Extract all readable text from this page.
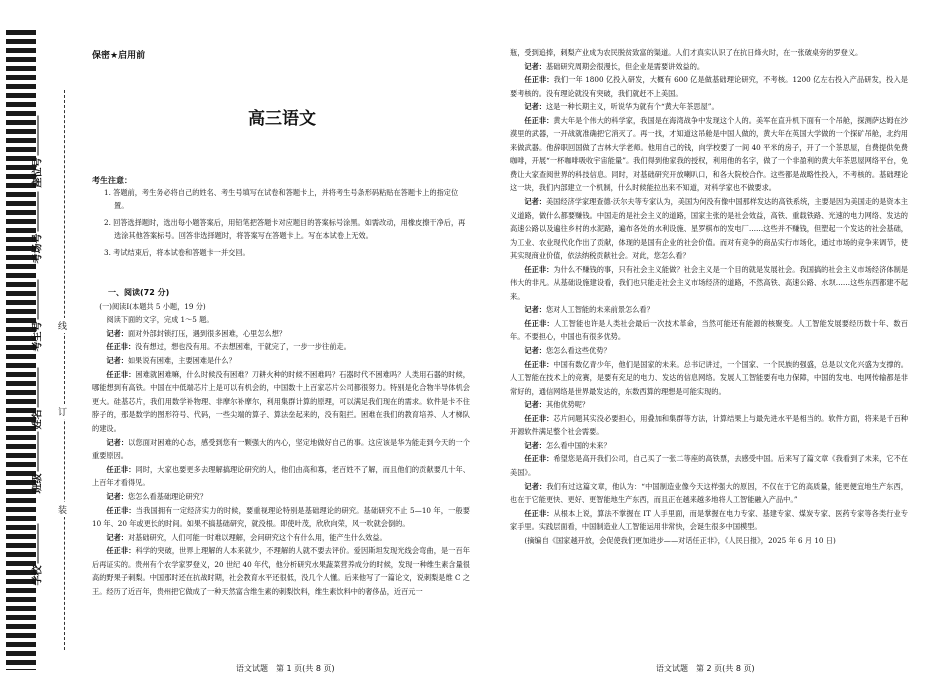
线
订
装
座位号
考场号
考生号
姓名
班级
学校
保密★启用前
高三语文
考生注意：
1. 答题前，考生务必将自己的姓名、考生号填写在试卷和答题卡上，并将考生号条形码粘贴在答题卡上的指定位置。
2. 回答选择题时，选出每小题答案后，用铅笔把答题卡对应题目的答案标号涂黑。如需改动，用橡皮擦干净后，再选涂其他答案标号。回答非选择题时，将答案写在答题卡上。写在本试卷上无效。
3. 考试结束后，将本试卷和答题卡一并交回。

一、阅读(72 分)

(一)阅读Ⅰ(本题共 5 小题，19 分)

阅读下面的文字，完成 1～5 题。

记者：面对外部封锁打压，遇到很多困难，心里怎么想？

任正非：没有想过，想也没有用。不去想困难，干就完了，一步一步往前走。

记者：如果说有困难，主要困难是什么？

任正非：困难就困难嘛，什么时候没有困难？刀耕火种的时候不困难吗？石器时代不困难吗？人类用石器的时候，哪能想到有高铁。中国在中低端芯片上是可以有机会的，中国数十上百家芯片公司都很努力。特别是化合物半导体机会更大。硅基芯片，我们用数学补物理、非摩尔补摩尔，利用集群计算的原理，可以满足我们现在的需求。软件是卡不住脖子的，那是数学的图形符号、代码，一些尖端的算子、算法垒起来的，没有阻拦。困难在我们的教育培养、人才梯队的建设。

记者：以您面对困难的心态，感受到您有一颗强大的内心，坚定地做好自己的事。这应该是华为能走到今天的一个重要原因。

任正非：同时，大家也要更多去理解搞理论研究的人，他们由高和寡，老百姓不了解，而且他们的贡献要几十年、上百年才看得见。

记者：您怎么看基础理论研究？

任正非：当我国拥有一定经济实力的时候，要重视理论特别是基础理论的研究。基础研究不止 5—10 年，一般要 10 年、20 年或更长的时间。如果不搞基础研究，就没根。即使叶茂，欣欣向荣，风一吹就会倒的。

记者：对基础研究，人们可能一时难以理解，会问研究这个有什么用，能产生什么效益。

任正非：科学的突破，世界上理解的人本来就少，不理解的人就不要去评价。爱因斯坦发现光线会弯曲，是一百年后再证实的。贵州有个农学家罗登义，20 世纪 40 年代，他分析研究水果蔬菜营养成分的时候，发现一种维生素含量很高的野果子刺梨。中国那时还在抗战时期，社会教育水平还很低，没几个人懂。后来他写了一篇论文，说刺梨是维 C 之王。经历了近百年，贵州把它做成了一种天然富含维生素的刺梨饮料，维生素饮料中的奢侈品，近百元一

语文试题　第 1 页(共 8 页)

瓶，受到追捧，刺梨产业成为农民脱贫致富的渠道。人们才真实认识了在抗日烽火时，在一张破桌旁的罗登义。

记者：基础研究周期会很漫长，但企业是需要讲效益的。

任正非：我们一年 1800 亿投入研发，大概有 600 亿是做基础理论研究，不考核。1200 亿左右投入产品研发，投入是要考核的。没有理论就没有突破，我们就赶不上美国。

记者：这是一种长期主义，听说华为就有个“黄大年茶思屋”。

任正非：黄大年是个伟大的科学家，我国是在海湾战争中发现这个人的。美军在直升机下面有一个吊舱，探测萨达姆在沙漠里的武器，一开战就准确把它消灭了。再一找，才知道这吊舱是中国人做的，黄大年在英国大学做的一个探矿吊舱，北约用来做武器。他辞职回国做了吉林大学老师。他用自己的钱，向学校要了一间 40 平米的房子，开了一个茶思屋，自费提供免费咖啡，开展“一杯咖啡吸收宇宙能量”。我们得到他家我的授权，利用他的名字，做了一个非盈利的黄大年茶思屋网络平台，免费让大家查阅世界的科技信息。同时，对基础研究开放喇叭口，和各大院校合作。这些都是战略性投入，不考核的。基础理论这一块，我们内部建立一个机制，什么时候能拉出来不知道，对科学家也不做要求。

记者：美国经济学家理查德·沃尔夫等专家认为，美国为何没有像中国那样发达的高铁系统，主要是因为美国走的是资本主义道路，做什么都要赚钱。中国走的是社会主义的道路，国家主张的是社会效益，高铁、重载铁路、光速的电力网络、发达的高速公路以及遍往乡村的水泥路，遍布各处的水利设施、星罗棋布的发电厂……这些并不赚钱，但塑起一个发达的社会基础，为工业、农业现代化作出了贡献，体现的是国有企业的社会价值。而对有竞争的商品实行市场化，通过市场的竞争来调节，使其实现商业价值，依法纳税贡献社会。对此，您怎么看？

任正非：为什么不赚钱的事，只有社会主义能做？社会主义是一个目的就是发展社会。我国搞的社会主义市场经济体制是伟大的非凡。从基础设施建设看，我们也只能走社会主义市场经济的道路，不然高铁、高速公路、水坝……这些东西都建不起来。

记者：您对人工智能的未来前景怎么看？

任正非：人工智能也许是人类社会最后一次技术革命，当然可能还有能源的核聚变。人工智能发展要经历数十年、数百年。不要担心，中国也有很多优势。

记者：您怎么看这些优势？

任正非：中国有数亿青少年，他们是国家的未来。总书记讲过，一个国家、一个民族的强盛，总是以文化兴盛为支撑的。人工智能在技术上的竞赛，是要有充足的电力、发达的信息网络。发展人工智能要有电力保障，中国的发电、电网传输都是非常好的，通信网络是世界最发达的，东数西算的理想是可能实现的。

记者：其他优势呢？

任正非：芯片问题其实没必要担心，用叠加和集群等方法，计算结果上与最先进水平是相当的。软件方面，将来是千百种开源软件满足整个社会需要。

记者：怎么看中国的未来？

任正非：希望您是高开我们公司，自己买了一张二等座的高铁票，去感受中国。后来写了篇文章《我看到了未来，它不在美国》。

记者：我们有过这篇文章，他认为：“中国制造业像今天这样强大的原因，不仅在于它的高质量，能更便宜地生产东西，也在于它能更快、更好、更智能地生产东西，而且正在越来越多地将人工智能融入产品中。”

任正非：从根本上说，算法不掌握在 IT 人手里面，而是掌握在电力专家、基建专家、煤炭专家、医药专家等各类行业专家手里。实践层面看，中国制造业人工智能运用非常快，会诞生很多中国模型。

(摘编自《国家越开放，会促使我们更加进步——对话任正非》，《人民日报》，2025 年 6 月 10 日)

语文试题　第 2 页(共 8 页)
